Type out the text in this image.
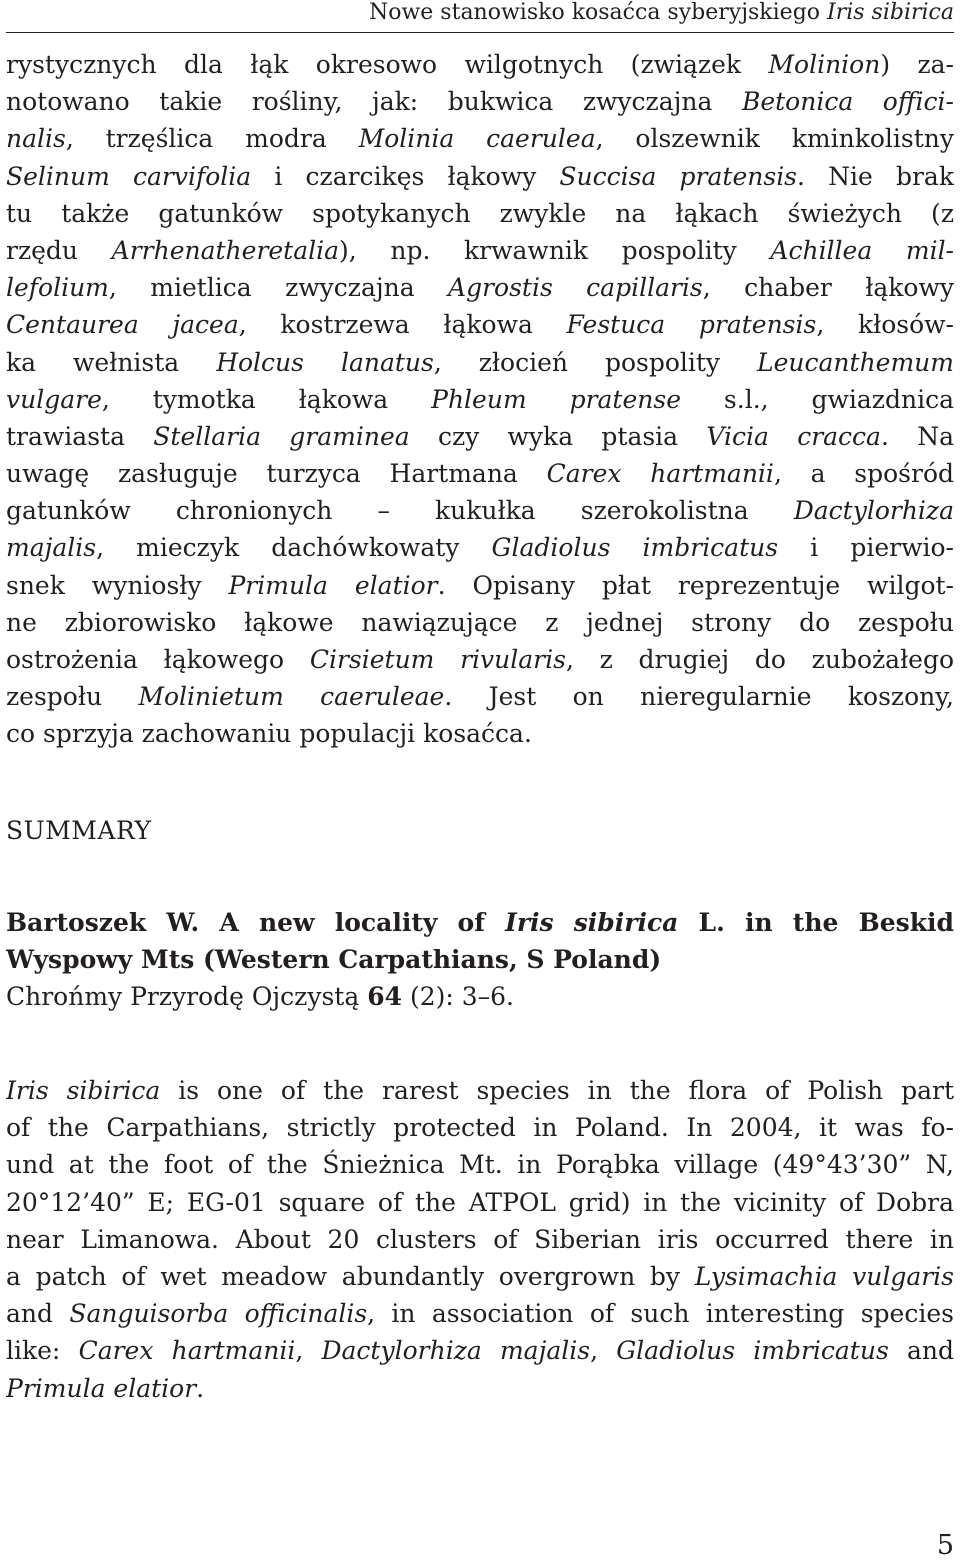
Nowe stanowisko kosaćca syberyjskiego Iris sibirica
rystycznych dla łąk okresowo wilgotnych (związek Molinion) za-
notowano takie rośliny, jak: bukwica zwyczajna Betonica offici-
nalis, trzęślica modra Molinia caerulea, olszewnik kminkolistny
Selinum carvifolia i czarcikęs łąkowy Succisa pratensis. Nie brak
tu także gatunków spotykanych zwykle na łąkach świeżych (z
rzędu Arrhenatheretalia), np. krwawnik pospolity Achillea mil-
lefolium, mietlica zwyczajna Agrostis capillaris, chaber łąkowy
Centaurea jacea, kostrzewa łąkowa Festuca pratensis, kłosów-
ka wełnista Holcus lanatus, złocień pospolity Leucanthemum
vulgare, tymotka łąkowa Phleum pratense s.l., gwiazdnica
trawiasta Stellaria graminea czy wyka ptasia Vicia cracca. Na
uwagę zasługuje turzyca Hartmana Carex hartmanii, a spośród
gatunków chronionych – kukułka szerokolistna Dactylorhiza
majalis, mieczyk dachówkowaty Gladiolus imbricatus i pierwio-
snek wyniosły Primula elatior. Opisany płat reprezentuje wilgot-
ne zbiorowisko łąkowe nawiązujące z jednej strony do zespołu
ostrożenia łąkowego Cirsietum rivularis, z drugiej do zubożałego
zespołu Molinietum caeruleae. Jest on nieregularnie koszony,
co sprzyja zachowaniu populacji kosaćca.
SUMMARY
Bartoszek W. A new locality of Iris sibirica L. in the Beskid
Wyspowy Mts (Western Carpathians, S Poland)
Chrońmy Przyrodę Ojczystą 64 (2): 3–6.
Iris sibirica is one of the rarest species in the flora of Polish part
of the Carpathians, strictly protected in Poland. In 2004, it was fo-
und at the foot of the Śnieżnica Mt. in Porąbka village (49°43’30” N,
20°12’40” E; EG-01 square of the ATPOL grid) in the vicinity of Dobra
near Limanowa. About 20 clusters of Siberian iris occurred there in
a patch of wet meadow abundantly overgrown by Lysimachia vulgaris
and Sanguisorba officinalis, in association of such interesting species
like: Carex hartmanii, Dactylorhiza majalis, Gladiolus imbricatus and
Primula elatior.
5
